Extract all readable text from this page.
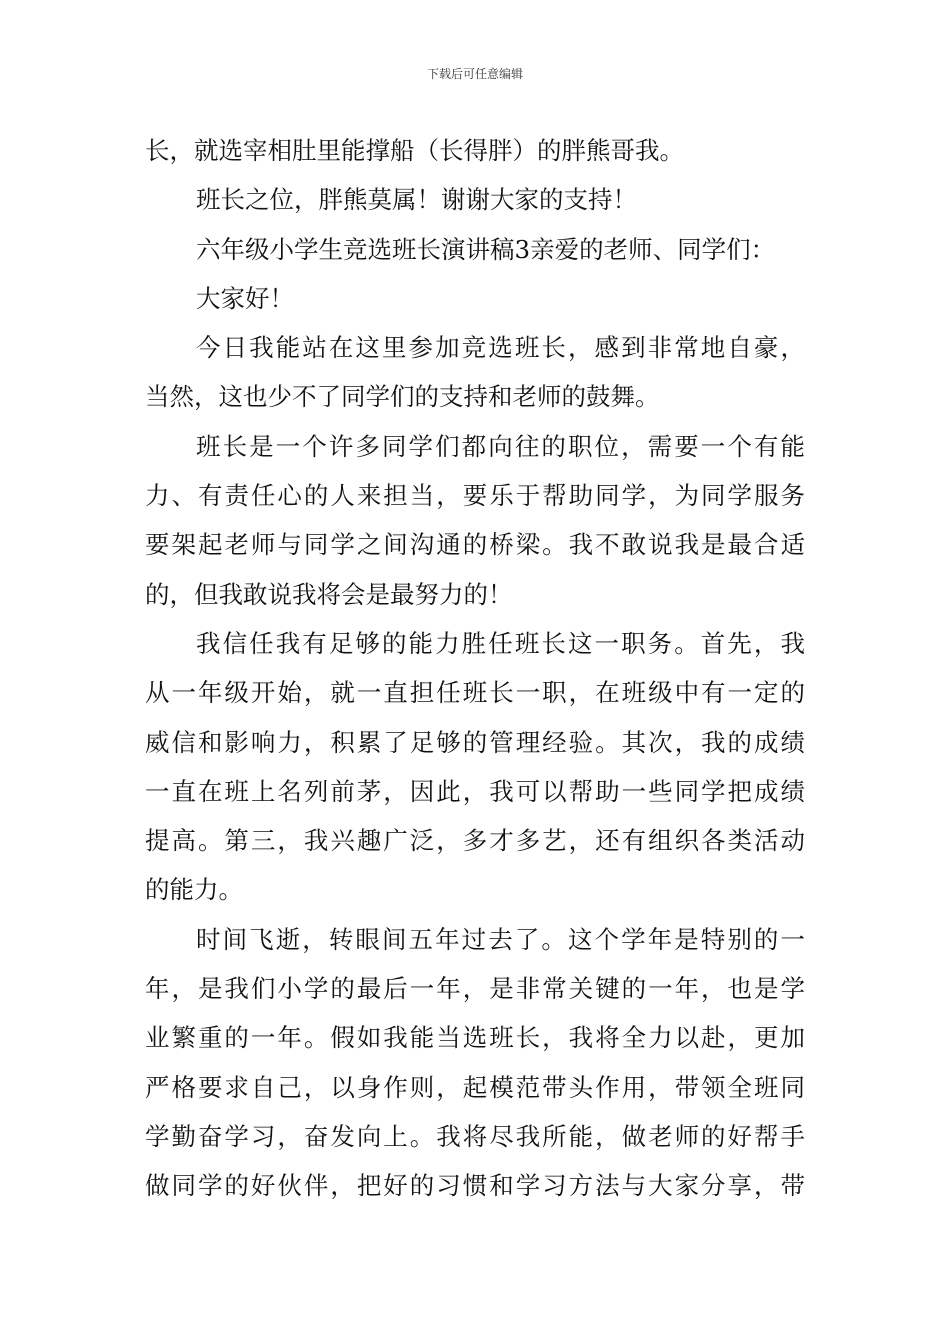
下载后可任意编辑
长，就选宰相肚里能撑船（长得胖）的胖熊哥我。
班长之位，胖熊莫属！谢谢大家的支持！
六年级小学生竞选班长演讲稿3亲爱的老师、同学们：
大家好！
今日我能站在这里参加竞选班长，感到非常地自豪，
当然，这也少不了同学们的支持和老师的鼓舞。
班长是一个许多同学们都向往的职位，需要一个有能
力、有责任心的人来担当，要乐于帮助同学，为同学服务
要架起老师与同学之间沟通的桥梁。我不敢说我是最合适
的，但我敢说我将会是最努力的！
我信任我有足够的能力胜任班长这一职务。首先，我
从一年级开始，就一直担任班长一职，在班级中有一定的
威信和影响力，积累了足够的管理经验。其次，我的成绩
一直在班上名列前茅，因此，我可以帮助一些同学把成绩
提高。第三，我兴趣广泛，多才多艺，还有组织各类活动
的能力。
时间飞逝，转眼间五年过去了。这个学年是特别的一
年，是我们小学的最后一年，是非常关键的一年，也是学
业繁重的一年。假如我能当选班长，我将全力以赴，更加
严格要求自己，以身作则，起模范带头作用，带领全班同
学勤奋学习，奋发向上。我将尽我所能，做老师的好帮手
做同学的好伙伴，把好的习惯和学习方法与大家分享，带
